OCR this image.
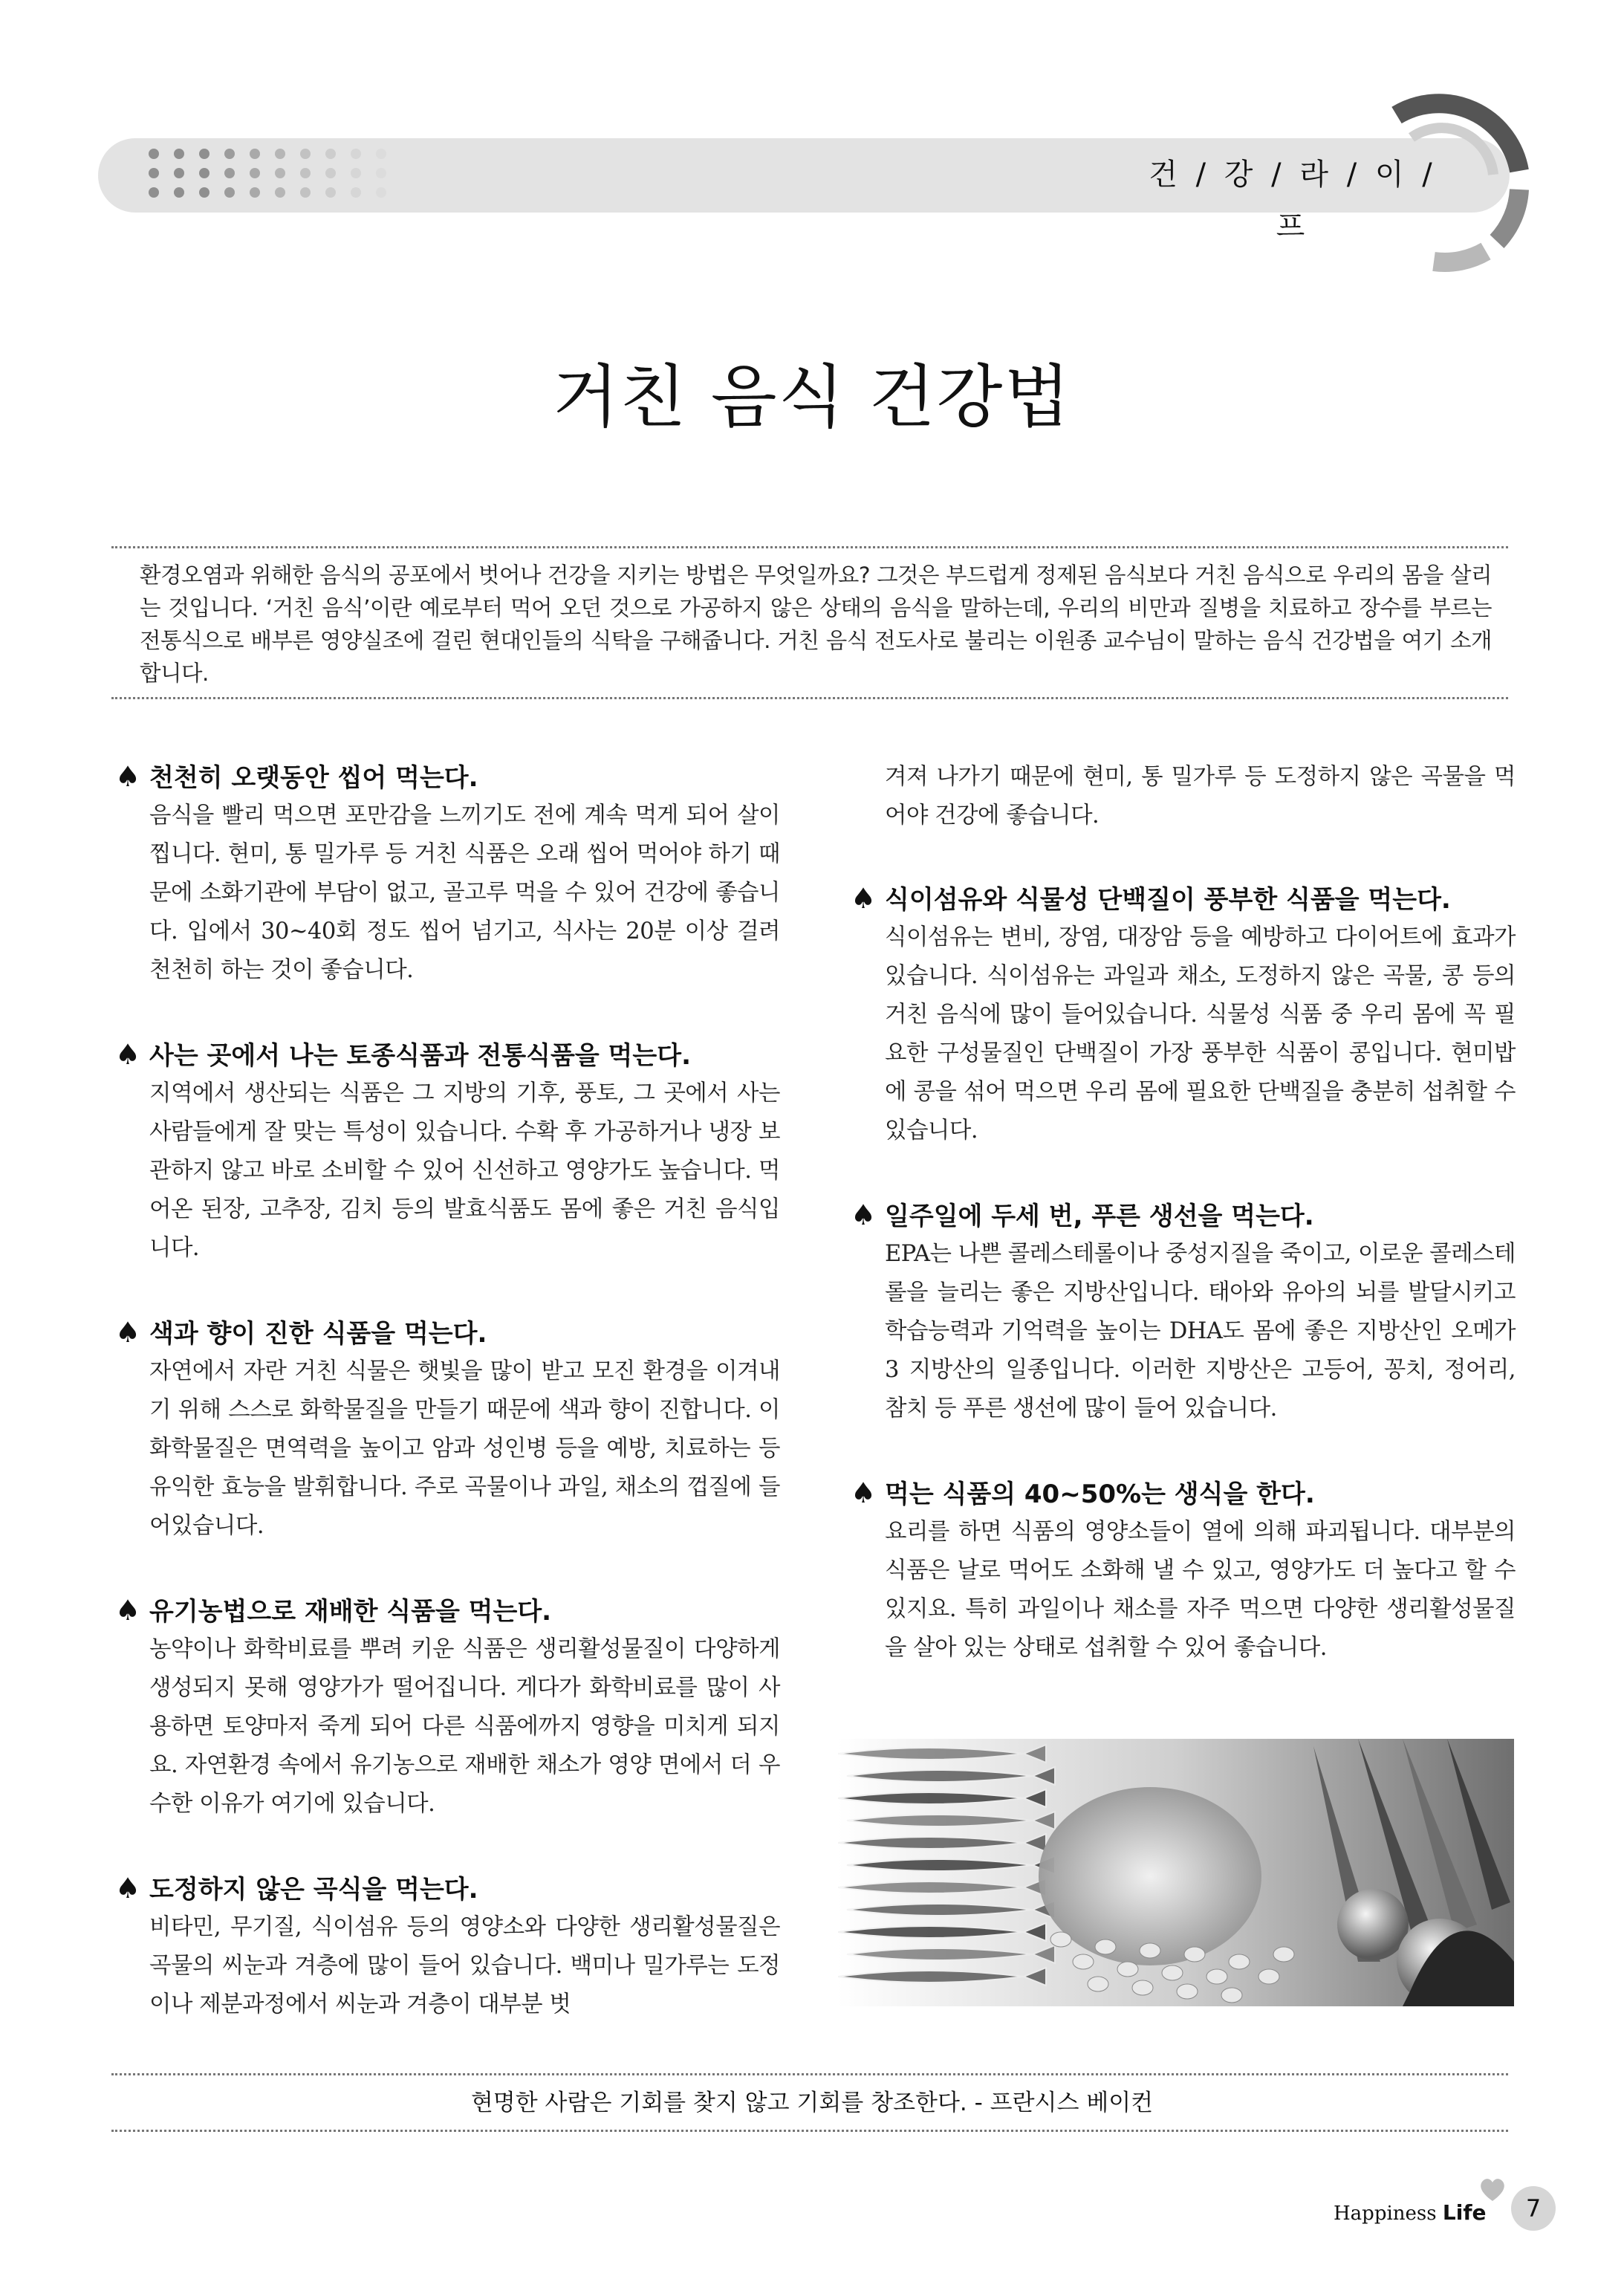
건 / 강 / 라 / 이 / 프
거친 음식 건강법
환경오염과 위해한 음식의 공포에서 벗어나 건강을 지키는 방법은 무엇일까요? 그것은 부드럽게 정제된 음식보다 거친 음식으로 우리의 몸을 살리는 것입니다. ‘거친 음식’이란 예로부터 먹어 오던 것으로 가공하지 않은 상태의 음식을 말하는데, 우리의 비만과 질병을 치료하고 장수를 부르는 전통식으로 배부른 영양실조에 걸린 현대인들의 식탁을 구해줍니다. 거친 음식 전도사로 불리는 이원종 교수님이 말하는 음식 건강법을 여기 소개합니다.
♠ 천천히 오랫동안 씹어 먹는다.
음식을 빨리 먹으면 포만감을 느끼기도 전에 계속 먹게 되어 살이 찝니다. 현미, 통 밀가루 등 거친 식품은 오래 씹어 먹어야 하기 때문에 소화기관에 부담이 없고, 골고루 먹을 수 있어 건강에 좋습니다. 입에서 30~40회 정도 씹어 넘기고, 식사는 20분 이상 걸려 천천히 하는 것이 좋습니다.
♠ 사는 곳에서 나는 토종식품과 전통식품을 먹는다.
지역에서 생산되는 식품은 그 지방의 기후, 풍토, 그 곳에서 사는 사람들에게 잘 맞는 특성이 있습니다. 수확 후 가공하거나 냉장 보관하지 않고 바로 소비할 수 있어 신선하고 영양가도 높습니다. 먹어온 된장, 고추장, 김치 등의 발효식품도 몸에 좋은 거친 음식입니다.
♠ 색과 향이 진한 식품을 먹는다.
자연에서 자란 거친 식물은 햇빛을 많이 받고 모진 환경을 이겨내기 위해 스스로 화학물질을 만들기 때문에 색과 향이 진합니다. 이 화학물질은 면역력을 높이고 암과 성인병 등을 예방, 치료하는 등 유익한 효능을 발휘합니다. 주로 곡물이나 과일, 채소의 껍질에 들어있습니다.
♠ 유기농법으로 재배한 식품을 먹는다.
농약이나 화학비료를 뿌려 키운 식품은 생리활성물질이 다양하게 생성되지 못해 영양가가 떨어집니다. 게다가 화학비료를 많이 사용하면 토양마저 죽게 되어 다른 식품에까지 영향을 미치게 되지요. 자연환경 속에서 유기농으로 재배한 채소가 영양 면에서 더 우수한 이유가 여기에 있습니다.
♠ 도정하지 않은 곡식을 먹는다.
비타민, 무기질, 식이섬유 등의 영양소와 다양한 생리활성물질은 곡물의 씨눈과 겨층에 많이 들어 있습니다. 백미나 밀가루는 도정이나 제분과정에서 씨눈과 겨층이 대부분 벗
겨져 나가기 때문에 현미, 통 밀가루 등 도정하지 않은 곡물을 먹어야 건강에 좋습니다.
♠ 식이섬유와 식물성 단백질이 풍부한 식품을 먹는다.
식이섬유는 변비, 장염, 대장암 등을 예방하고 다이어트에 효과가 있습니다. 식이섬유는 과일과 채소, 도정하지 않은 곡물, 콩 등의 거친 음식에 많이 들어있습니다. 식물성 식품 중 우리 몸에 꼭 필요한 구성물질인 단백질이 가장 풍부한 식품이 콩입니다. 현미밥에 콩을 섞어 먹으면 우리 몸에 필요한 단백질을 충분히 섭취할 수 있습니다.
♠ 일주일에 두세 번, 푸른 생선을 먹는다.
EPA는 나쁜 콜레스테롤이나 중성지질을 죽이고, 이로운 콜레스테롤을 늘리는 좋은 지방산입니다. 태아와 유아의 뇌를 발달시키고 학습능력과 기억력을 높이는 DHA도 몸에 좋은 지방산인 오메가3 지방산의 일종입니다. 이러한 지방산은 고등어, 꽁치, 정어리, 참치 등 푸른 생선에 많이 들어 있습니다.
♠ 먹는 식품의 40~50%는 생식을 한다.
요리를 하면 식품의 영양소들이 열에 의해 파괴됩니다. 대부분의 식품은 날로 먹어도 소화해 낼 수 있고, 영양가도 더 높다고 할 수 있지요. 특히 과일이나 채소를 자주 먹으면 다양한 생리활성물질을 살아 있는 상태로 섭취할 수 있어 좋습니다.
현명한 사람은 기회를 찾지 않고 기회를 창조한다. - 프란시스 베이컨
Happiness Life	7
